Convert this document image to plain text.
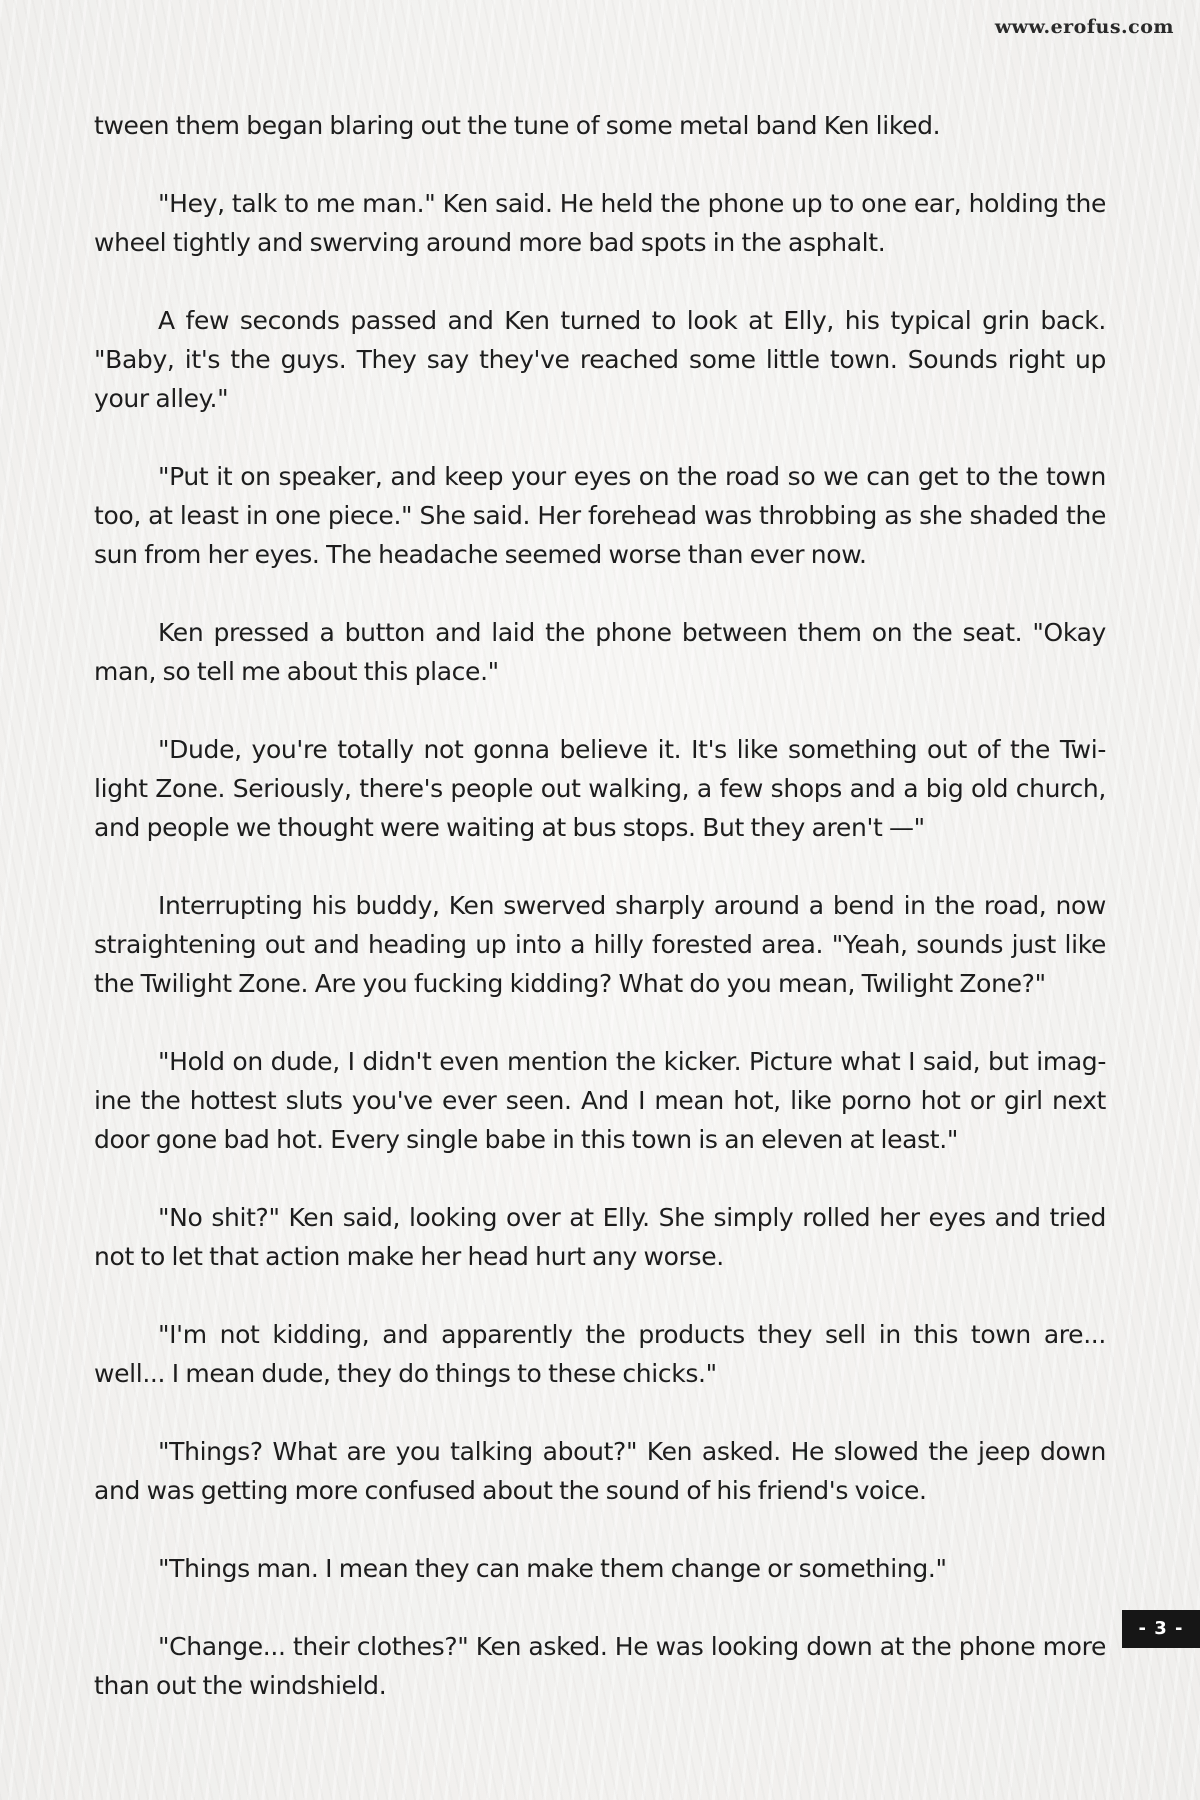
www.erofus.com

tween them began blaring out the tune of some metal band Ken liked.

"Hey, talk to me man." Ken said. He held the phone up to one ear, holding the wheel tightly and swerving around more bad spots in the asphalt.

A few seconds passed and Ken turned to look at Elly, his typical grin back. "Baby, it's the guys. They say they've reached some little town. Sounds right up your alley."

"Put it on speaker, and keep your eyes on the road so we can get to the town too, at least in one piece." She said. Her forehead was throbbing as she shaded the sun from her eyes. The headache seemed worse than ever now.

Ken pressed a button and laid the phone between them on the seat. "Okay man, so tell me about this place."

"Dude, you're totally not gonna believe it. It's like something out of the Twi-light Zone. Seriously, there's people out walking, a few shops and a big old church, and people we thought were waiting at bus stops. But they aren't —"

Interrupting his buddy, Ken swerved sharply around a bend in the road, now straightening out and heading up into a hilly forested area. "Yeah, sounds just like the Twilight Zone. Are you fucking kidding? What do you mean, Twilight Zone?"

"Hold on dude, I didn't even mention the kicker. Picture what I said, but imag-ine the hottest sluts you've ever seen. And I mean hot, like porno hot or girl next door gone bad hot. Every single babe in this town is an eleven at least."

"No shit?" Ken said, looking over at Elly. She simply rolled her eyes and tried not to let that action make her head hurt any worse.

"I'm not kidding, and apparently the products they sell in this town are... well... I mean dude, they do things to these chicks."

"Things? What are you talking about?" Ken asked. He slowed the jeep down and was getting more confused about the sound of his friend's voice.

"Things man. I mean they can make them change or something."

"Change... their clothes?" Ken asked. He was looking down at the phone more than out the windshield.

- 3 -
